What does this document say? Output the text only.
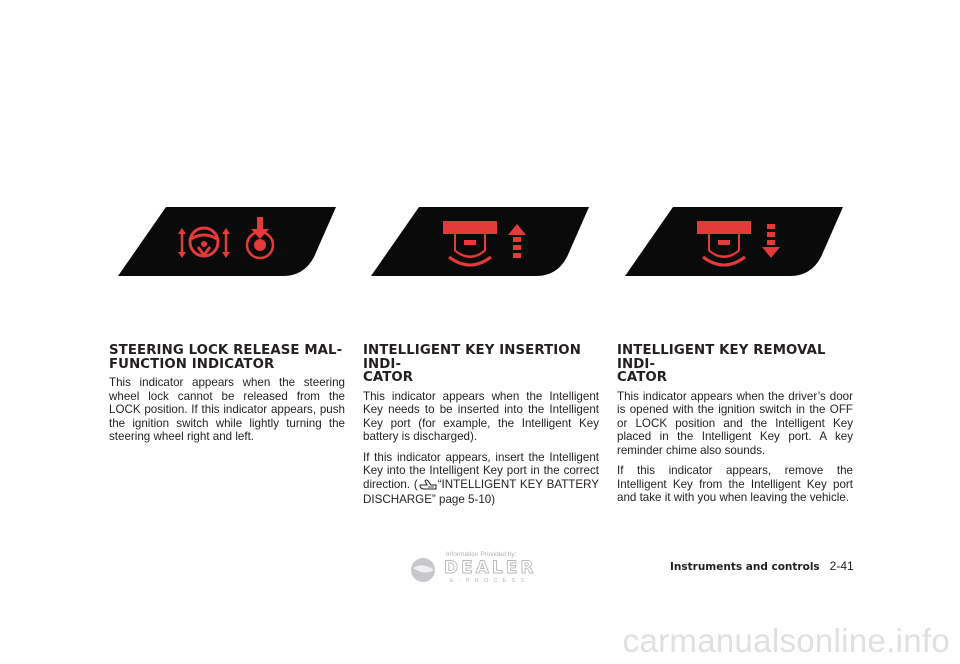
STEERING LOCK RELEASE MAL-
FUNCTION INDICATOR

This indicator appears when the steering wheel lock cannot be released from the LOCK position. If this indicator appears, push the ignition switch while lightly turning the steering wheel right and left.

INTELLIGENT KEY INSERTION INDI-
CATOR

This indicator appears when the Intelligent Key needs to be inserted into the Intelligent Key port (for example, the Intelligent Key battery is discharged).

If this indicator appears, insert the Intelligent Key into the Intelligent Key port in the correct direction. ( “INTELLIGENT KEY BATTERY DISCHARGE” page 5-10)

INTELLIGENT KEY REMOVAL INDI-
CATOR

This indicator appears when the driver’s door is opened with the ignition switch in the OFF or LOCK position and the Intelligent Key placed in the Intelligent Key port. A key reminder chime also sounds.

If this indicator appears, remove the Intelligent Key from the Intelligent Key port and take it with you when leaving the vehicle.

Information Provided by:
DEALER
E-PROCESS
Instruments and controls 2-41
carmanualsonline.info
